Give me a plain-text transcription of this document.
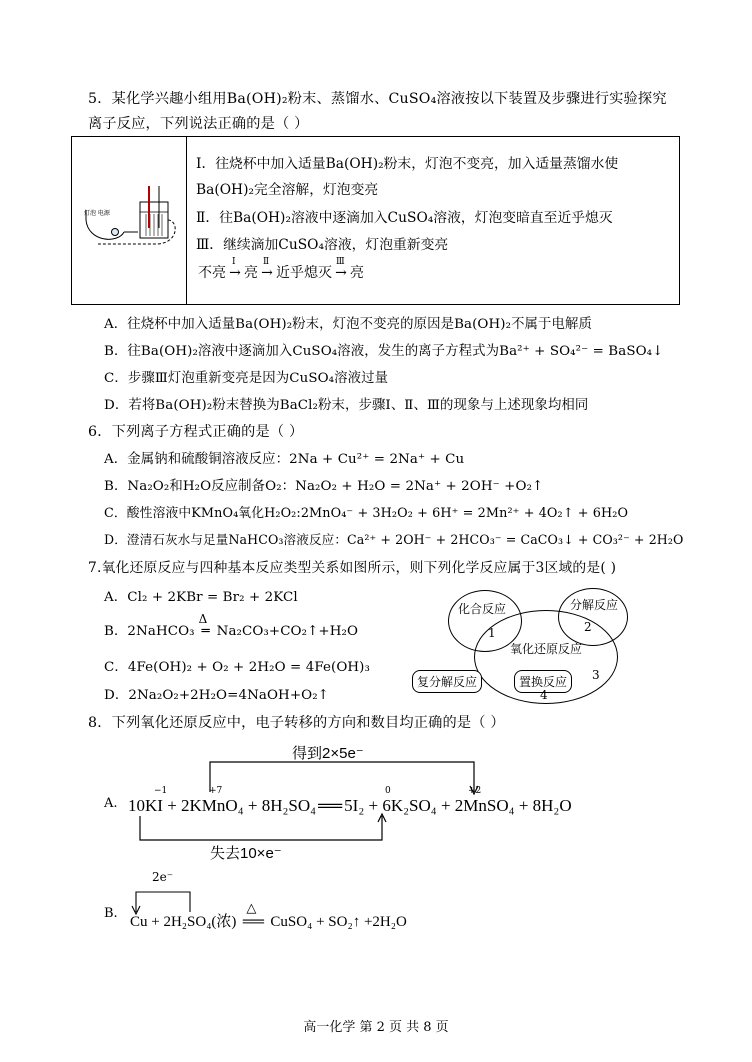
5．某化学兴趣小组用Ba(OH)₂粉末、蒸馏水、CuSO₄溶液按以下装置及步骤进行实验探究
离子反应，下列说法正确的是（ ）
灯泡 电源
Ⅰ．往烧杯中加入适量Ba(OH)₂粉末，灯泡不变亮，加入适量蒸馏水使
Ba(OH)₂完全溶解，灯泡变亮
Ⅱ．往Ba(OH)₂溶液中逐滴加入CuSO₄溶液，灯泡变暗直至近乎熄灭
Ⅲ．继续滴加CuSO₄溶液，灯泡重新变亮
不亮
Ⅰ
→ 亮
Ⅱ
→ 近乎熄灭
Ⅲ
→ 亮
A．往烧杯中加入适量Ba(OH)₂粉末，灯泡不变亮的原因是Ba(OH)₂不属于电解质
B．往Ba(OH)₂溶液中逐滴加入CuSO₄溶液，发生的离子方程式为Ba²⁺ + SO₄²⁻ = BaSO₄↓
C．步骤Ⅲ灯泡重新变亮是因为CuSO₄溶液过量
D．若将Ba(OH)₂粉末替换为BaCl₂粉末，步骤Ⅰ、Ⅱ、Ⅲ的现象与上述现象均相同
6．下列离子方程式正确的是（ ）
A．金属钠和硫酸铜溶液反应：2Na + Cu²⁺ = 2Na⁺ + Cu
B．Na₂O₂和H₂O反应制备O₂：Na₂O₂ + H₂O = 2Na⁺ + 2OH⁻ +O₂↑
C．酸性溶液中KMnO₄氧化H₂O₂:2MnO₄⁻ + 3H₂O₂ + 6H⁺ = 2Mn²⁺ + 4O₂↑ + 6H₂O
D．澄清石灰水与足量NaHCO₃溶液反应：Ca²⁺ + 2OH⁻ + 2HCO₃⁻ = CaCO₃↓ + CO₃²⁻ + 2H₂O
7.氧化还原反应与四种基本反应类型关系如图所示，则下列化学反应属于3区域的是( )
A．Cl₂ + 2KBr = Br₂ + 2KCl
B．2NaHCO₃
Δ
═ Na₂CO₃+CO₂↑+H₂O
C．4Fe(OH)₂ + O₂ + 2H₂O = 4Fe(OH)₃
D．2Na₂O₂+2H₂O=4NaOH+O₂↑
化合反应	分解反应
氧化还原反应
复分解反应	置换反应
1	2
3
4
8．下列氧化还原反应中，电子转移的方向和数目均正确的是（ ）
得到2×5e⁻
A.
−1	+7	0	+2
10KI + 2KMnO₄ + 8H₂SO₄ ══ 5I₂ + 6K₂SO₄ + 2MnSO₄ + 8H₂O
失去10×e⁻
2e⁻
B.
Cu + 2H₂SO₄(浓)
△
══ CuSO₄ + SO₂↑ +2H₂O
高一化学 第 2 页 共 8 页
